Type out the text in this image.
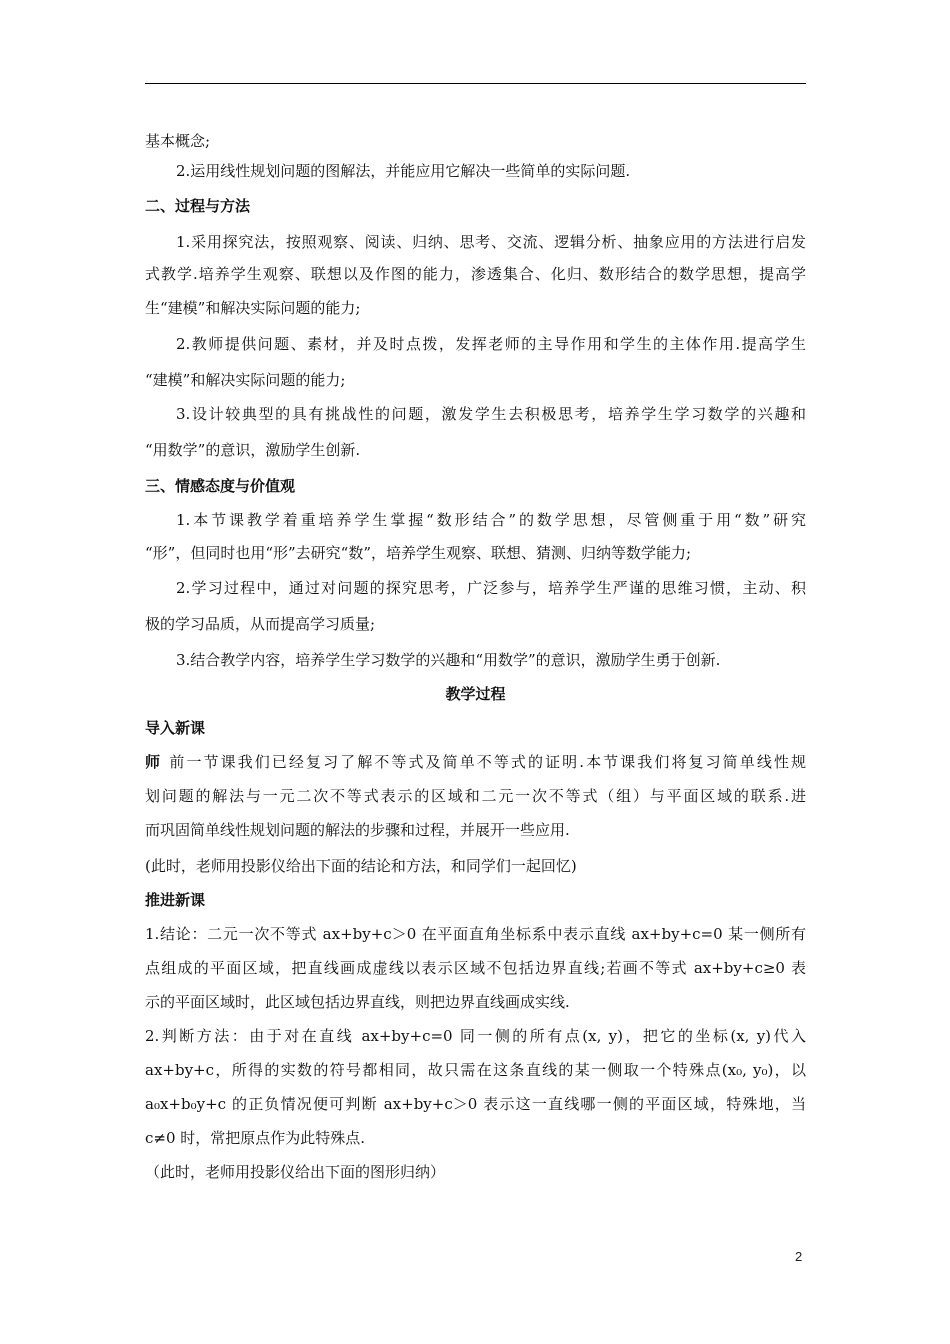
基本概念;
2.运用线性规划问题的图解法，并能应用它解决一些简单的实际问题.
二、过程与方法
1.采用探究法，按照观察、阅读、归纳、思考、交流、逻辑分析、抽象应用的方法进行启发
式教学.培养学生观察、联想以及作图的能力，渗透集合、化归、数形结合的数学思想，提高学
生“建模”和解决实际问题的能力;
2.教师提供问题、素材，并及时点拨，发挥老师的主导作用和学生的主体作用.提高学生
“建模”和解决实际问题的能力;
3.设计较典型的具有挑战性的问题，激发学生去积极思考，培养学生学习数学的兴趣和
“用数学”的意识，激励学生创新.
三、情感态度与价值观
1.本节课教学着重培养学生掌握“数形结合”的数学思想，尽管侧重于用“数”研究
“形”，但同时也用“形”去研究“数”，培养学生观察、联想、猜测、归纳等数学能力;
2.学习过程中，通过对问题的探究思考，广泛参与，培养学生严谨的思维习惯，主动、积
极的学习品质，从而提高学习质量;
3.结合教学内容，培养学生学习数学的兴趣和“用数学”的意识，激励学生勇于创新.
教学过程
导入新课
师 前一节课我们已经复习了解不等式及简单不等式的证明.本节课我们将复习简单线性规
划问题的解法与一元二次不等式表示的区域和二元一次不等式（组）与平面区域的联系.进
而巩固简单线性规划问题的解法的步骤和过程，并展开一些应用.
(此时，老师用投影仪给出下面的结论和方法，和同学们一起回忆)
推进新课
1.结论：二元一次不等式 ax+by+c＞0 在平面直角坐标系中表示直线 ax+by+c=0 某一侧所有
点组成的平面区域，把直线画成虚线以表示区域不包括边界直线;若画不等式 ax+by+c≥0 表
示的平面区域时，此区域包括边界直线，则把边界直线画成实线.
2.判断方法：由于对在直线 ax+by+c=0 同一侧的所有点(x, y)，把它的坐标(x, y)代入
ax+by+c，所得的实数的符号都相同，故只需在这条直线的某一侧取一个特殊点(x₀, y₀)，以
a₀x+b₀y+c 的正负情况便可判断 ax+by+c＞0 表示这一直线哪一侧的平面区域，特殊地，当
c≠0 时，常把原点作为此特殊点.
（此时，老师用投影仪给出下面的图形归纳）
2
